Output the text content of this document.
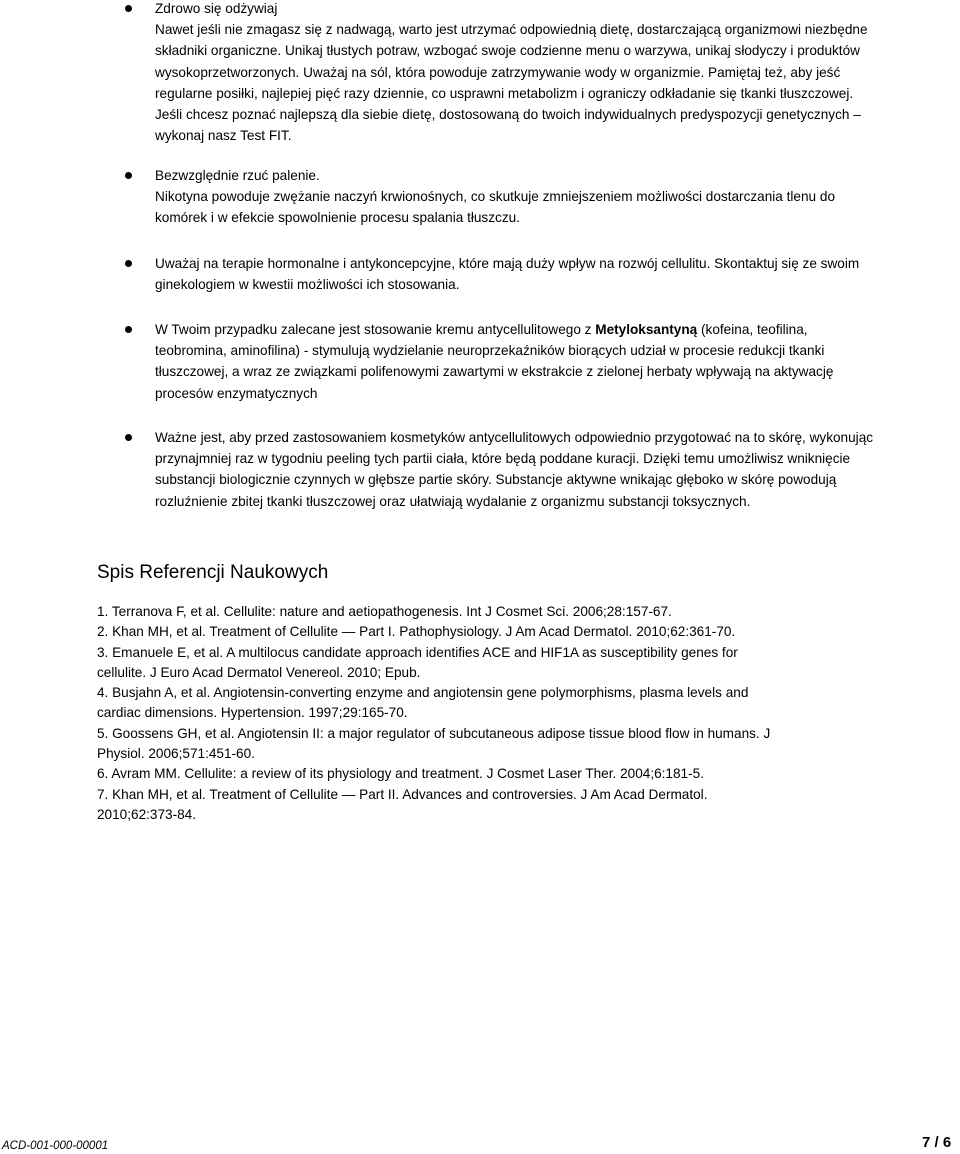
Zdrowo się odżywiaj
Nawet jeśli nie zmagasz się z nadwagą, warto jest utrzymać odpowiednią dietę, dostarczającą organizmowi niezbędne
składniki organiczne. Unikaj tłustych potraw, wzbogać swoje codzienne menu o warzywa, unikaj słodyczy i produktów
wysokoprzetworzonych. Uważaj na sól, która powoduje zatrzymywanie wody w organizmie. Pamiętaj też, aby jeść
regularne posiłki, najlepiej pięć razy dziennie, co usprawni metabolizm i ograniczy odkładanie się tkanki tłuszczowej.
Jeśli chcesz poznać najlepszą dla siebie dietę, dostosowaną do twoich indywidualnych predyspozycji genetycznych –
wykonaj nasz Test FIT.
Bezwzględnie rzuć palenie.
Nikotyna powoduje zwężanie naczyń krwionośnych, co skutkuje zmniejszeniem możliwości dostarczania tlenu do
komórek i w efekcie spowolnienie procesu spalania tłuszczu.
Uważaj na terapie hormonalne i antykoncepcyjne, które mają duży wpływ na rozwój cellulitu. Skontaktuj się ze swoim
ginekologiem w kwestii możliwości ich stosowania.
W Twoim przypadku zalecane jest stosowanie kremu antycellulitowego z Metyloksantyną (kofeina, teofilina,
teobromina, aminofilina) - stymulują wydzielanie neuroprzekaźników biorących udział w procesie redukcji tkanki
tłuszczowej, a wraz ze związkami polifenowymi zawartymi w ekstrakcie z zielonej herbaty wpływają na aktywację
procesów enzymatycznych
Ważne jest, aby przed zastosowaniem kosmetyków antycellulitowych odpowiednio przygotować na to skórę, wykonując
przynajmniej raz w tygodniu peeling tych partii ciała, które będą poddane kuracji. Dzięki temu umożliwisz wniknięcie
substancji biologicznie czynnych w głębsze partie skóry. Substancje aktywne wnikając głęboko w skórę powodują
rozluźnienie zbitej tkanki tłuszczowej oraz ułatwiają wydalanie z organizmu substancji toksycznych.
Spis Referencji Naukowych
1. Terranova F, et al. Cellulite: nature and aetiopathogenesis. Int J Cosmet Sci. 2006;28:157-67.
2. Khan MH, et al. Treatment of Cellulite — Part I. Pathophysiology. J Am Acad Dermatol. 2010;62:361-70.
3. Emanuele E, et al. A multilocus candidate approach identifies ACE and HIF1A as susceptibility genes for
cellulite. J Euro Acad Dermatol Venereol. 2010; Epub.
4. Busjahn A, et al. Angiotensin-converting enzyme and angiotensin gene polymorphisms, plasma levels and
cardiac dimensions. Hypertension. 1997;29:165-70.
5. Goossens GH, et al. Angiotensin II: a major regulator of subcutaneous adipose tissue blood flow in humans. J
Physiol. 2006;571:451-60.
6. Avram MM. Cellulite: a review of its physiology and treatment. J Cosmet Laser Ther. 2004;6:181-5.
7. Khan MH, et al. Treatment of Cellulite — Part II. Advances and controversies. J Am Acad Dermatol.
2010;62:373-84.
ACD-001-000-00001	7 / 6
